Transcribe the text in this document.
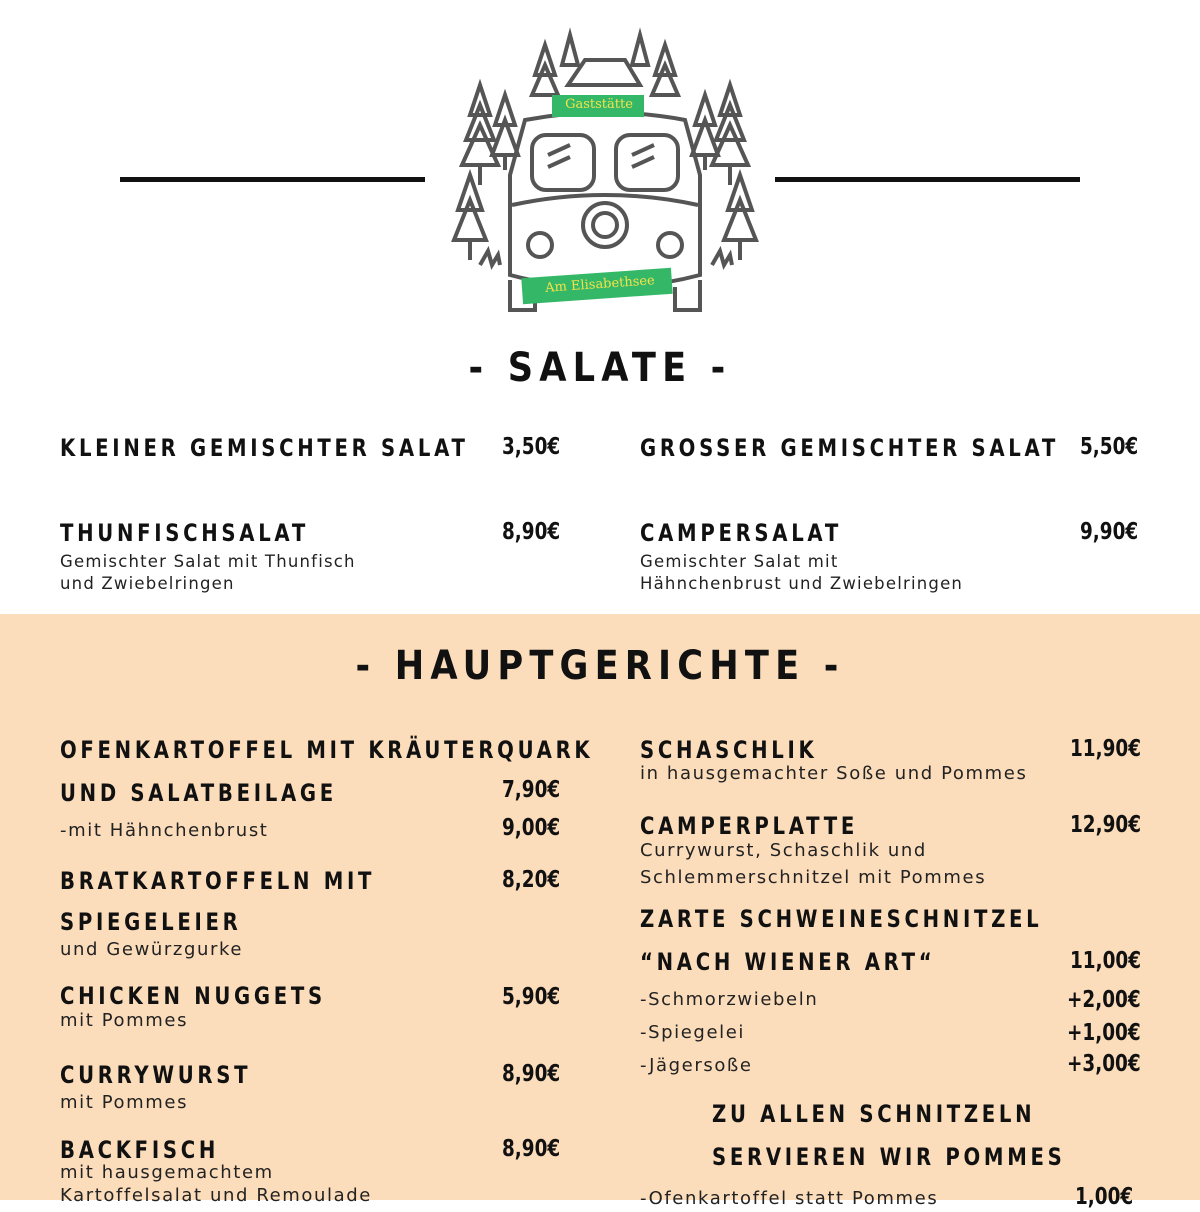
Gaststätte
Am Elisabethsee
- SALATE -
KLEINER GEMISCHTER SALAT 3,50€	GROSSER GEMISCHTER SALAT 5,50€
THUNFISCHSALAT	8,90€
Gemischter Salat mit Thunfisch
und Zwiebelringen
CAMPERSALAT	9,90€
Gemischter Salat mit
Hähnchenbrust und Zwiebelringen
- HAUPTGERICHTE -
OFENKARTOFFEL MIT KRÄUTERQUARK
UND SALATBEILAGE	7,90€
-mit Hähnchenbrust	9,00€
BRATKARTOFFELN MIT	8,20€
SPIEGELEIER
und Gewürzgurke
CHICKEN NUGGETS	5,90€
mit Pommes
CURRYWURST	8,90€
mit Pommes
BACKFISCH	8,90€
mit hausgemachtem
Kartoffelsalat und Remoulade
SCHASCHLIK	11,90€
in hausgemachter Soße und Pommes
CAMPERPLATTE	12,90€
Currywurst, Schaschlik und
Schlemmerschnitzel mit Pommes
ZARTE SCHWEINESCHNITZEL
“NACH WIENER ART“	11,00€
-Schmorzwiebeln	+2,00€
-Spiegelei	+1,00€
-Jägersoße	+3,00€
ZU ALLEN SCHNITZELN
SERVIEREN WIR POMMES
-Ofenkartoffel statt Pommes	1,00€
